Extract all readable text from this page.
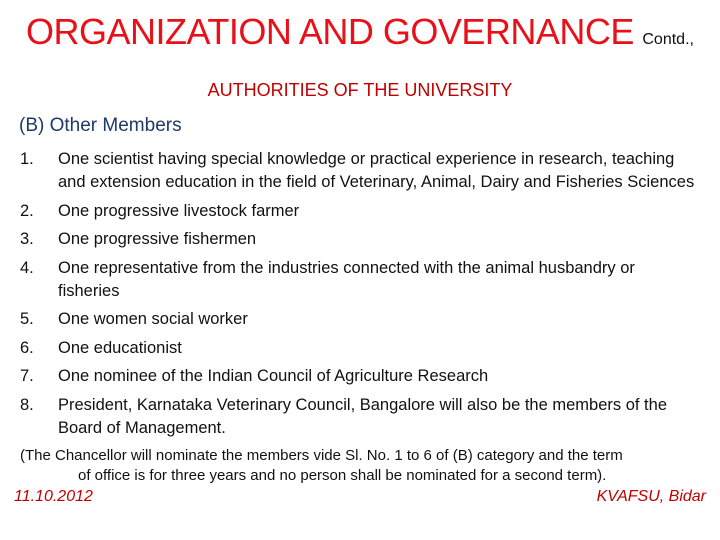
ORGANIZATION AND GOVERNANCE Contd.,
AUTHORITIES OF THE UNIVERSITY
(B) Other Members
1.	One scientist having special knowledge or practical experience in research, teaching and extension education in the field of Veterinary, Animal, Dairy and Fisheries Sciences
2.	One progressive livestock farmer
3.	One progressive fishermen
4.	One representative from the industries connected with the animal husbandry or fisheries
5.	One women social worker
6.	One educationist
7.	One nominee of the Indian Council of Agriculture Research
8.	President, Karnataka Veterinary Council, Bangalore will also be the members of the Board of Management.
(The Chancellor will nominate the members vide Sl. No. 1 to 6 of (B) category and the term
of office is for three years and no person shall be nominated for a second term).
11.10.2012	KVAFSU, Bidar
